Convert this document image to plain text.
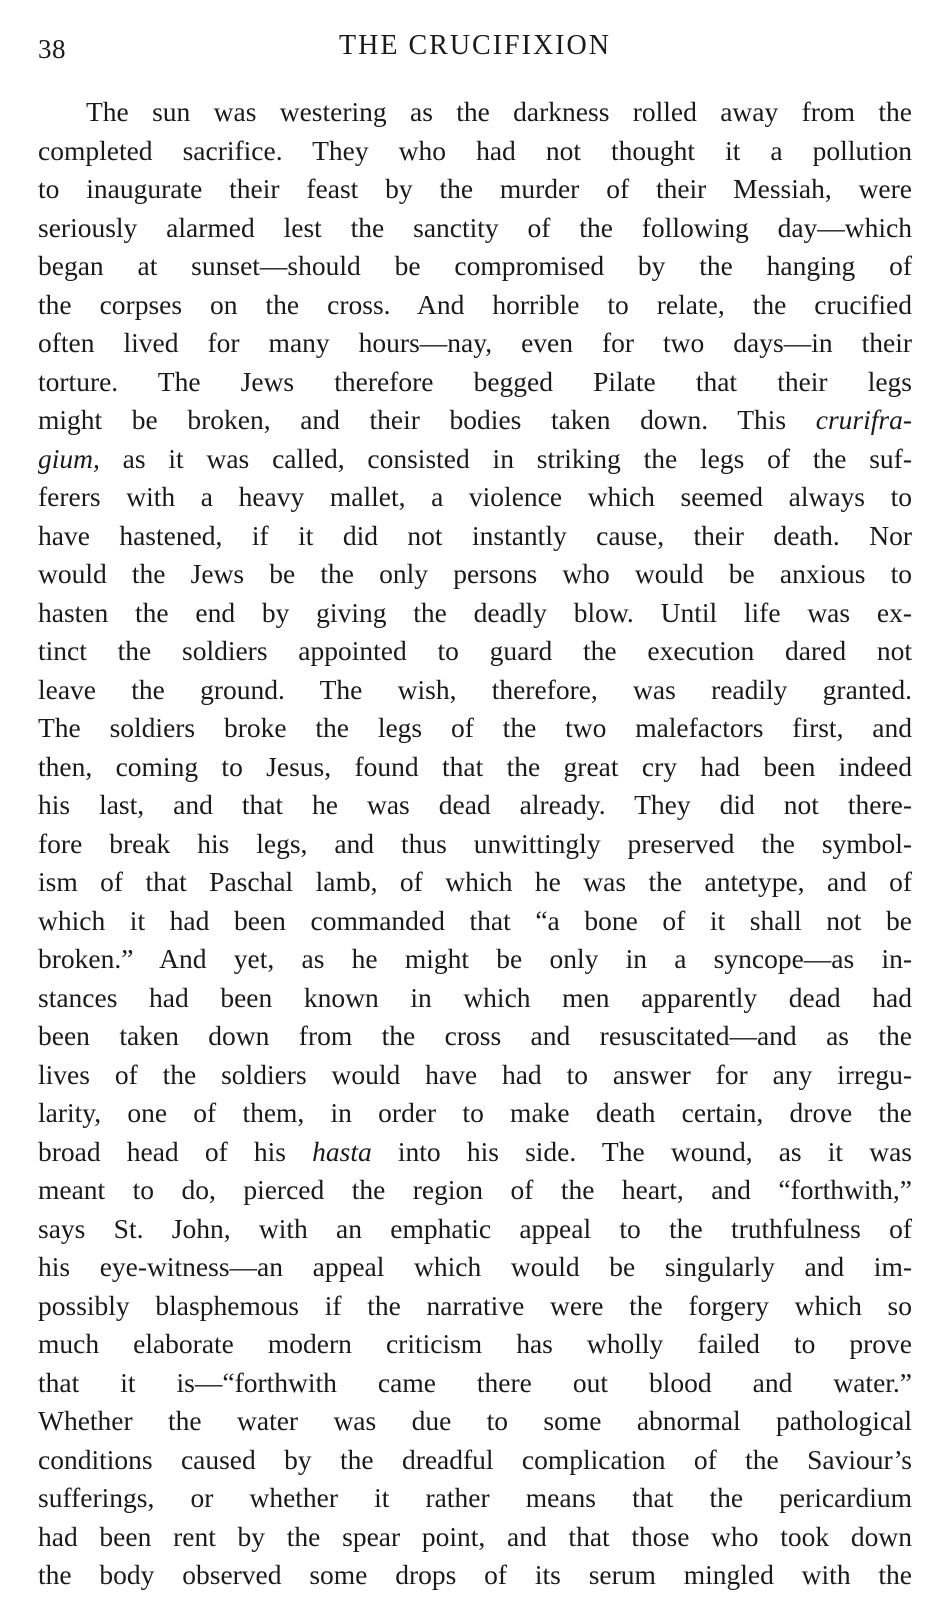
38	THE CRUCIFIXION
The sun was westering as the darkness rolled away from the
completed sacrifice. They who had not thought it a pollution
to inaugurate their feast by the murder of their Messiah, were
seriously alarmed lest the sanctity of the following day—which
began at sunset—should be compromised by the hanging of
the corpses on the cross. And horrible to relate, the crucified
often lived for many hours—nay, even for two days—in their
torture. The Jews therefore begged Pilate that their legs
might be broken, and their bodies taken down. This crurifra-
gium, as it was called, consisted in striking the legs of the suf-
ferers with a heavy mallet, a violence which seemed always to
have hastened, if it did not instantly cause, their death. Nor
would the Jews be the only persons who would be anxious to
hasten the end by giving the deadly blow. Until life was ex-
tinct the soldiers appointed to guard the execution dared not
leave the ground. The wish, therefore, was readily granted.
The soldiers broke the legs of the two malefactors first, and
then, coming to Jesus, found that the great cry had been indeed
his last, and that he was dead already. They did not there-
fore break his legs, and thus unwittingly preserved the symbol-
ism of that Paschal lamb, of which he was the antetype, and of
which it had been commanded that “a bone of it shall not be
broken.” And yet, as he might be only in a syncope—as in-
stances had been known in which men apparently dead had
been taken down from the cross and resuscitated—and as the
lives of the soldiers would have had to answer for any irregu-
larity, one of them, in order to make death certain, drove the
broad head of his hasta into his side. The wound, as it was
meant to do, pierced the region of the heart, and “forthwith,”
says St. John, with an emphatic appeal to the truthfulness of
his eye-witness—an appeal which would be singularly and im-
possibly blasphemous if the narrative were the forgery which so
much elaborate modern criticism has wholly failed to prove
that it is—“forthwith came there out blood and water.”
Whether the water was due to some abnormal pathological
conditions caused by the dreadful complication of the Saviour’s
sufferings, or whether it rather means that the pericardium
had been rent by the spear point, and that those who took down
the body observed some drops of its serum mingled with the
